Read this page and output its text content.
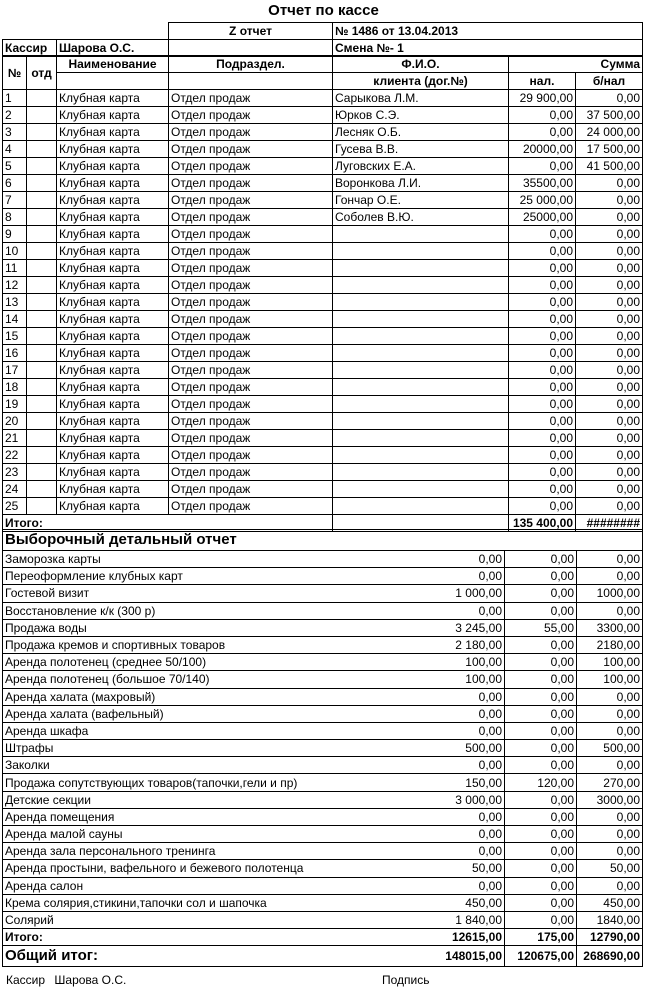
Отчет по кассе
		Z отчет	№ 1486 от 13.04.2013
Кассир	Шарова О.С.		Смена №- 1
№	отд	Наименование	Подраздел.	Ф.И.О.	Сумма	
				клиента (дог.№)	нал.	б/нал
1		Клубная карта	Отдел продаж	Сарыкова Л.М.	29 900,00	0,00
2		Клубная карта	Отдел продаж	Юрков С.Э.	0,00	37 500,00
3		Клубная карта	Отдел продаж	Лесняк О.Б.	0,00	24 000,00
4		Клубная карта	Отдел продаж	Гусева В.В.	20000,00	17 500,00
5		Клубная карта	Отдел продаж	Луговских Е.А.	0,00	41 500,00
6		Клубная карта	Отдел продаж	Воронкова Л.И.	35500,00	0,00
7		Клубная карта	Отдел продаж	Гончар О.Е.	25 000,00	0,00
8		Клубная карта	Отдел продаж	Соболев В.Ю.	25000,00	0,00
9		Клубная карта	Отдел продаж		0,00	0,00
10		Клубная карта	Отдел продаж		0,00	0,00
11		Клубная карта	Отдел продаж		0,00	0,00
12		Клубная карта	Отдел продаж		0,00	0,00
13		Клубная карта	Отдел продаж		0,00	0,00
14		Клубная карта	Отдел продаж		0,00	0,00
15		Клубная карта	Отдел продаж		0,00	0,00
16		Клубная карта	Отдел продаж		0,00	0,00
17		Клубная карта	Отдел продаж		0,00	0,00
18		Клубная карта	Отдел продаж		0,00	0,00
19		Клубная карта	Отдел продаж		0,00	0,00
20		Клубная карта	Отдел продаж		0,00	0,00
21		Клубная карта	Отдел продаж		0,00	0,00
22		Клубная карта	Отдел продаж		0,00	0,00
23		Клубная карта	Отдел продаж		0,00	0,00
24		Клубная карта	Отдел продаж		0,00	0,00
25		Клубная карта	Отдел продаж		0,00	0,00
Итого:					135 400,00	########
Выборочный детальный отчет		
Заморозка карты 0,00	0,00	0,00
Переоформление клубных карт 0,00	0,00	0,00
Гостевой визит 1 000,00	0,00	1000,00
Восстановление к/к (300 р) 0,00	0,00	0,00
Продажа воды 3 245,00	55,00	3300,00
Продажа кремов и спортивных товаров 2 180,00	0,00	2180,00
Аренда полотенец (среднее 50/100) 100,00	0,00	100,00
Аренда полотенец (большое 70/140) 100,00	0,00	100,00
Аренда халата (махровый) 0,00	0,00	0,00
Аренда халата (вафельный) 0,00	0,00	0,00
Аренда шкафа 0,00	0,00	0,00
Штрафы 500,00	0,00	500,00
Заколки 0,00	0,00	0,00
Продажа сопутствующих товаров(тапочки,гели и пр) 150,00	120,00	270,00
Детские секции 3 000,00	0,00	3000,00
Аренда помещения 0,00	0,00	0,00
Аренда малой сауны 0,00	0,00	0,00
Аренда зала персонального тренинга 0,00	0,00	0,00
Аренда простыни, вафельного и бежевого полотенца 50,00	0,00	50,00
Аренда салон 0,00	0,00	0,00
Крема солярия,стикини,тапочки сол и шапочка 450,00	0,00	450,00
Солярий 1 840,00	0,00	1840,00
Итого: 12615,00	175,00	12790,00
Общий итог: 148015,00	120675,00	268690,00
Кассир Шарова О.С.	Подпись
